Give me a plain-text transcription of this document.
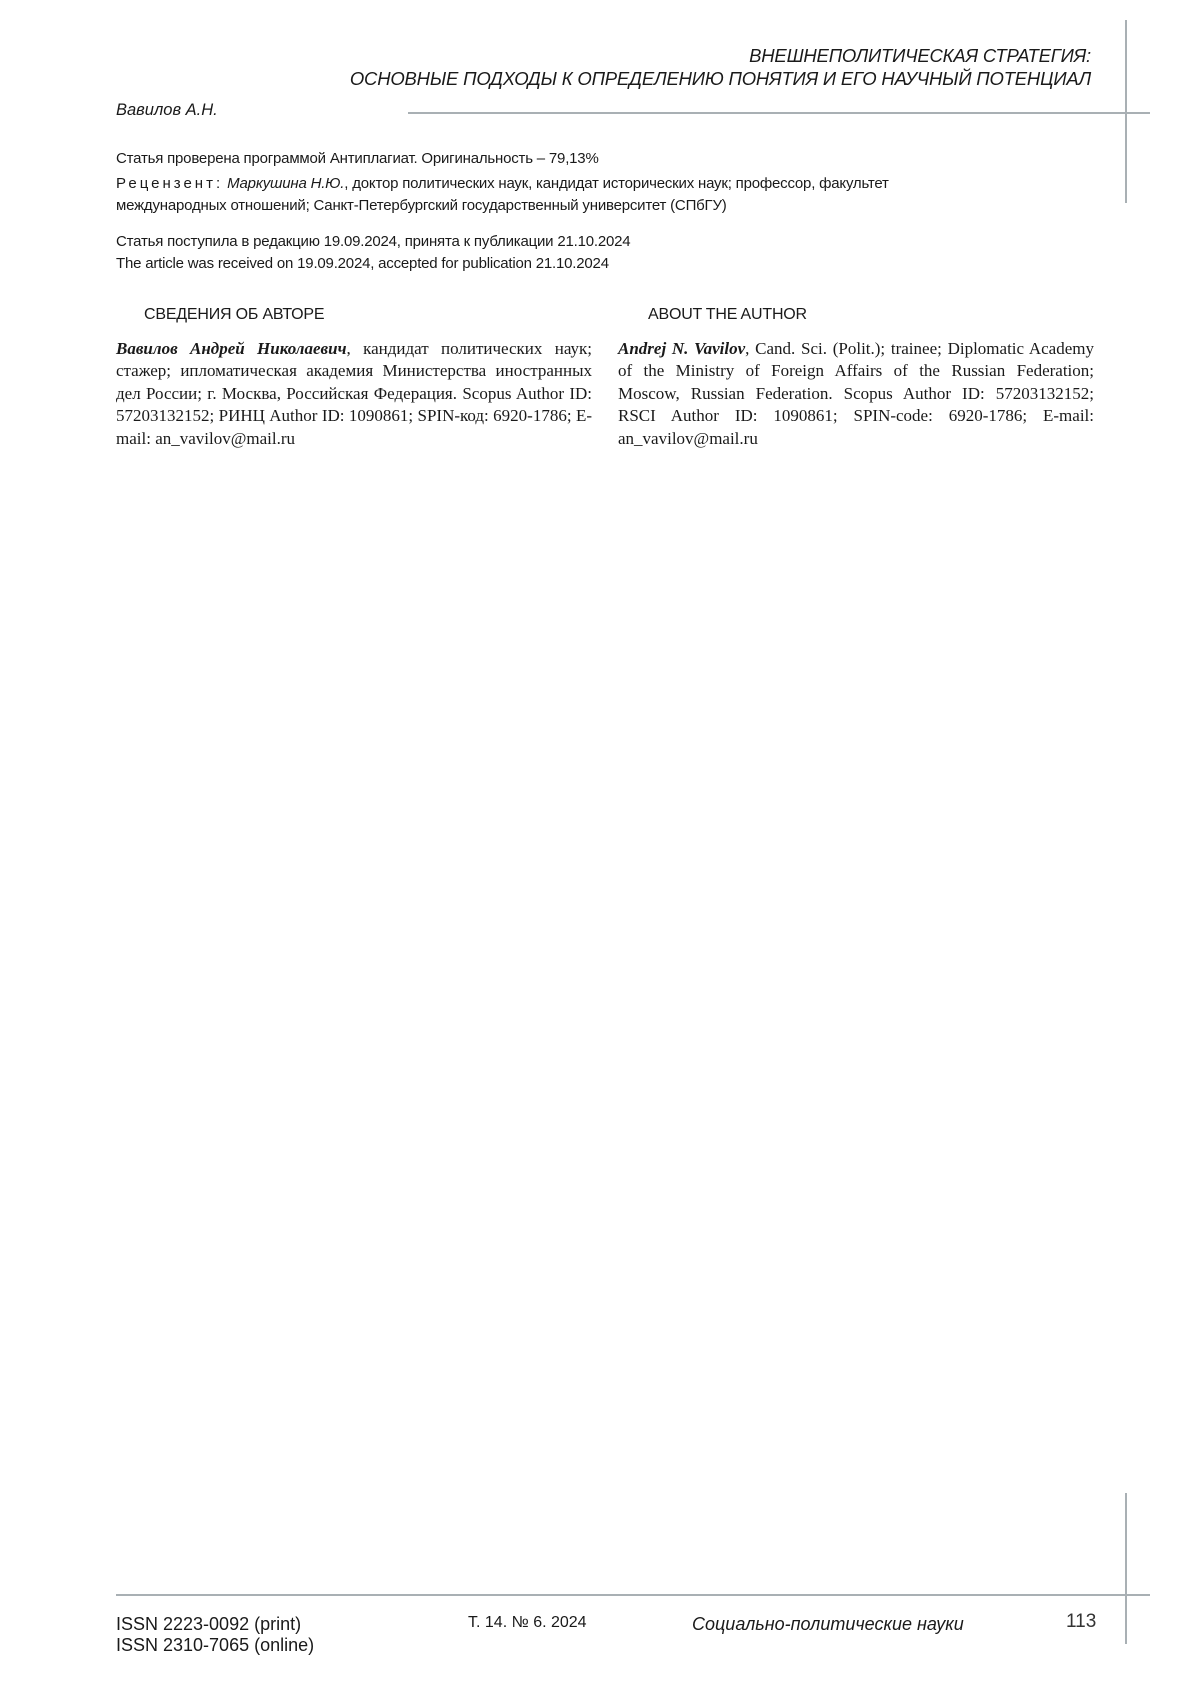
ВНЕШНЕПОЛИТИЧЕСКАЯ СТРАТЕГИЯ:
ОСНОВНЫЕ ПОДХОДЫ К ОПРЕДЕЛЕНИЮ ПОНЯТИЯ И ЕГО НАУЧНЫЙ ПОТЕНЦИАЛ
Вавилов А.Н.
Статья проверена программой Антиплагиат. Оригинальность – 79,13%
Рецензент: Маркушина Н.Ю., доктор политических наук, кандидат исторических наук; профессор, факультет
международных отношений; Санкт-Петербургский государственный университет (СПбГУ)
Статья поступила в редакцию 19.09.2024, принята к публикации 21.10.2024
The article was received on 19.09.2024, accepted for publication 21.10.2024
СВЕДЕНИЯ ОБ АВТОРЕ	ABOUT THE AUTHOR
Вавилов Андрей Николаевич, кандидат политических наук; стажер; ипломатическая академия Министерства иностранных дел России; г. Москва, Российская Федерация. Scopus Author ID: 57203132152; РИНЦ Author ID: 1090861; SPIN-код: 6920-1786; E-mail: an_vavilov@mail.ru
Andrej N. Vavilov, Cand. Sci. (Polit.); trainee; Diplomatic Academy of the Ministry of Foreign Affairs of the Russian Federation; Moscow, Russian Federation. Scopus Author ID: 57203132152; RSCI Author ID: 1090861; SPIN-code: 6920-1786; E-mail: an_vavilov@mail.ru
ISSN 2223-0092 (print)
ISSN 2310-7065 (online)
Т. 14. № 6. 2024	Социально-политические науки	113
